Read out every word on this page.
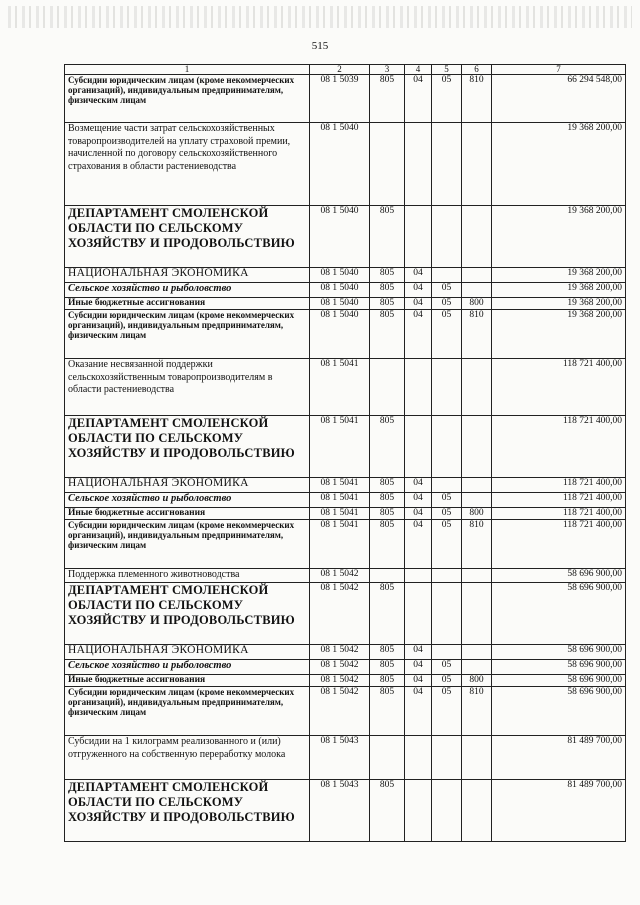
515
1	2	3	4	5	6	7
Субсидии юридическим лицам (кроме некоммерческих организаций), индивидуальным предпринимателям, физическим лицам	08 1 5039	805	04	05	810	66 294 548,00
Возмещение части затрат сельскохозяйственных товаропроизводителей на уплату страховой премии, начисленной по договору сельскохозяйственного страхования в области растениеводства	08 1 5040					19 368 200,00
ДЕПАРТАМЕНТ СМОЛЕНСКОЙ ОБЛАСТИ ПО СЕЛЬСКОМУ ХОЗЯЙСТВУ И ПРОДОВОЛЬСТВИЮ	08 1 5040	805				19 368 200,00
НАЦИОНАЛЬНАЯ ЭКОНОМИКА	08 1 5040	805	04			19 368 200,00
Сельское хозяйство и рыболовство	08 1 5040	805	04	05		19 368 200,00
Иные бюджетные ассигнования	08 1 5040	805	04	05	800	19 368 200,00
Субсидии юридическим лицам (кроме некоммерческих организаций), индивидуальным предпринимателям, физическим лицам	08 1 5040	805	04	05	810	19 368 200,00
Оказание несвязанной поддержки сельскохозяйственным товаропроизводителям в области растениеводства	08 1 5041					118 721 400,00
ДЕПАРТАМЕНТ СМОЛЕНСКОЙ ОБЛАСТИ ПО СЕЛЬСКОМУ ХОЗЯЙСТВУ И ПРОДОВОЛЬСТВИЮ	08 1 5041	805				118 721 400,00
НАЦИОНАЛЬНАЯ ЭКОНОМИКА	08 1 5041	805	04			118 721 400,00
Сельское хозяйство и рыболовство	08 1 5041	805	04	05		118 721 400,00
Иные бюджетные ассигнования	08 1 5041	805	04	05	800	118 721 400,00
Субсидии юридическим лицам (кроме некоммерческих организаций), индивидуальным предпринимателям, физическим лицам	08 1 5041	805	04	05	810	118 721 400,00
Поддержка племенного животноводства	08 1 5042					58 696 900,00
ДЕПАРТАМЕНТ СМОЛЕНСКОЙ ОБЛАСТИ ПО СЕЛЬСКОМУ ХОЗЯЙСТВУ И ПРОДОВОЛЬСТВИЮ	08 1 5042	805				58 696 900,00
НАЦИОНАЛЬНАЯ ЭКОНОМИКА	08 1 5042	805	04			58 696 900,00
Сельское хозяйство и рыболовство	08 1 5042	805	04	05		58 696 900,00
Иные бюджетные ассигнования	08 1 5042	805	04	05	800	58 696 900,00
Субсидии юридическим лицам (кроме некоммерческих организаций), индивидуальным предпринимателям, физическим лицам	08 1 5042	805	04	05	810	58 696 900,00
Субсидии на 1 килограмм реализованного и (или) отгруженного на собственную переработку молока	08 1 5043					81 489 700,00
ДЕПАРТАМЕНТ СМОЛЕНСКОЙ ОБЛАСТИ ПО СЕЛЬСКОМУ ХОЗЯЙСТВУ И ПРОДОВОЛЬСТВИЮ	08 1 5043	805				81 489 700,00
